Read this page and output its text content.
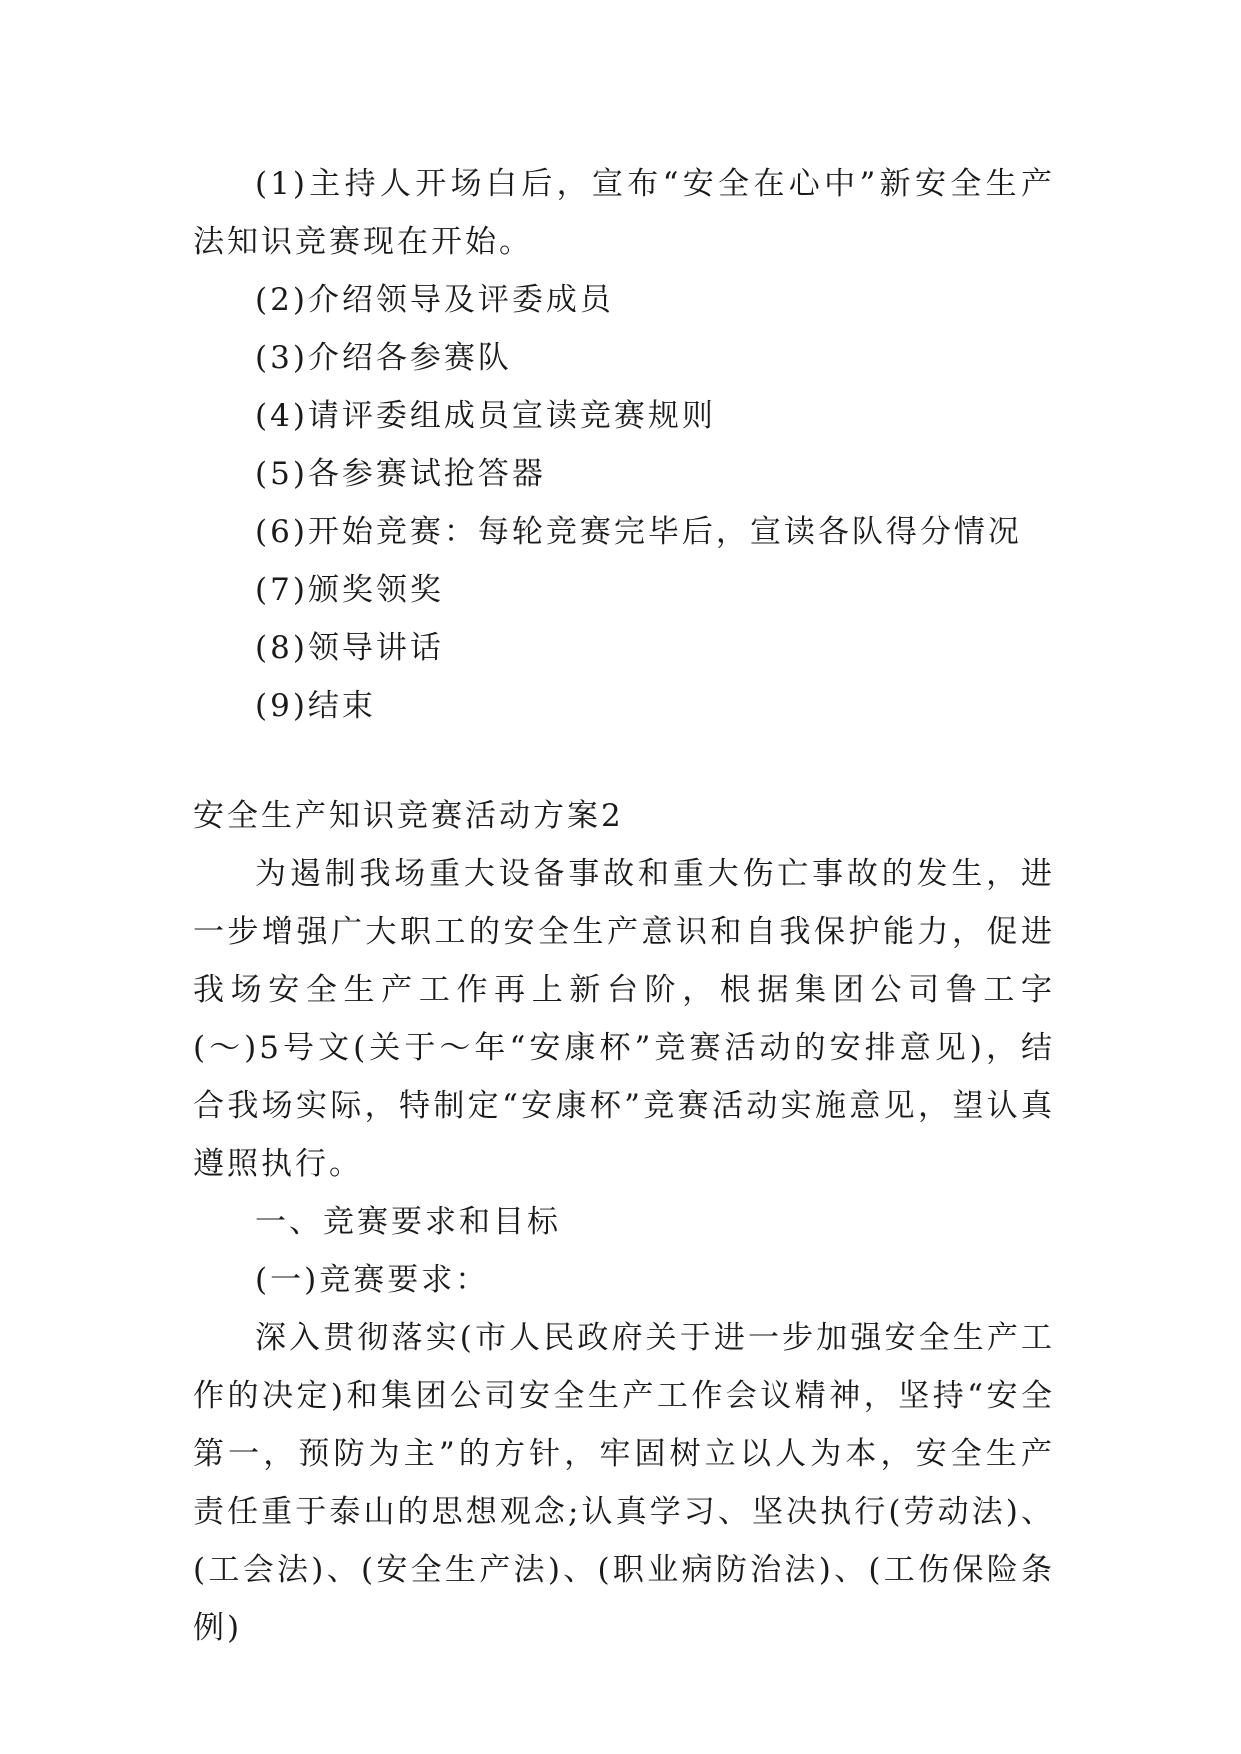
(1)主持人开场白后，宣布“安全在心中”新安全生产法知识竞赛现在开始。

(2)介绍领导及评委成员

(3)介绍各参赛队

(4)请评委组成员宣读竞赛规则

(5)各参赛试抢答器

(6)开始竞赛：每轮竞赛完毕后，宣读各队得分情况

(7)颁奖领奖

(8)领导讲话

(9)结束

安全生产知识竞赛活动方案2

为遏制我场重大设备事故和重大伤亡事故的发生，进一步增强广大职工的安全生产意识和自我保护能力，促进我场安全生产工作再上新台阶，根据集团公司鲁工字(～)5号文(关于～年“安康杯”竞赛活动的安排意见)，结合我场实际，特制定“安康杯”竞赛活动实施意见，望认真遵照执行。

一、竞赛要求和目标

(一)竞赛要求：

深入贯彻落实(市人民政府关于进一步加强安全生产工作的决定)和集团公司安全生产工作会议精神，坚持“安全第一，预防为主”的方针，牢固树立以人为本，安全生产责任重于泰山的思想观念;认真学习、坚决执行(劳动法)、(工会法)、(安全生产法)、(职业病防治法)、(工伤保险条例)
